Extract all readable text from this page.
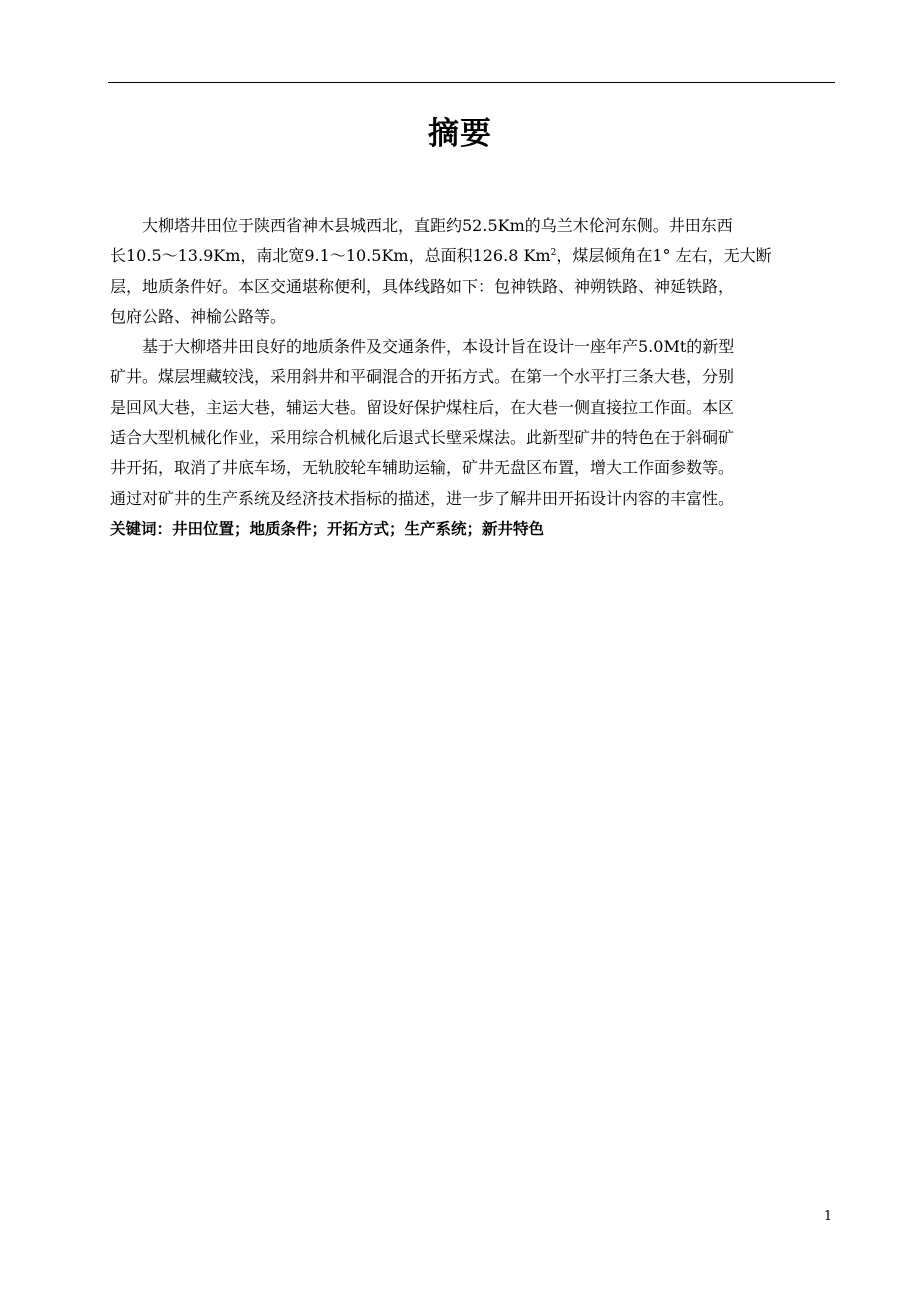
摘要

大柳塔井田位于陕西省神木县城西北，直距约52.5Km的乌兰木伦河东侧。井田东西
长10.5～13.9Km，南北宽9.1～10.5Km，总面积126.8 Km$^2$，煤层倾角在1° 左右，无大断
层，地质条件好。本区交通堪称便利，具体线路如下：包神铁路、神朔铁路、神延铁路，
包府公路、神榆公路等。

基于大柳塔井田良好的地质条件及交通条件，本设计旨在设计一座年产5.0Mt的新型
矿井。煤层埋藏较浅，采用斜井和平硐混合的开拓方式。在第一个水平打三条大巷，分别
是回风大巷，主运大巷，辅运大巷。留设好保护煤柱后，在大巷一侧直接拉工作面。本区
适合大型机械化作业，采用综合机械化后退式长壁采煤法。此新型矿井的特色在于斜硐矿
井开拓，取消了井底车场，无轨胶轮车辅助运输，矿井无盘区布置，增大工作面参数等。
通过对矿井的生产系统及经济技术指标的描述，进一步了解井田开拓设计内容的丰富性。

关键词：井田位置；地质条件；开拓方式；生产系统；新井特色

1
